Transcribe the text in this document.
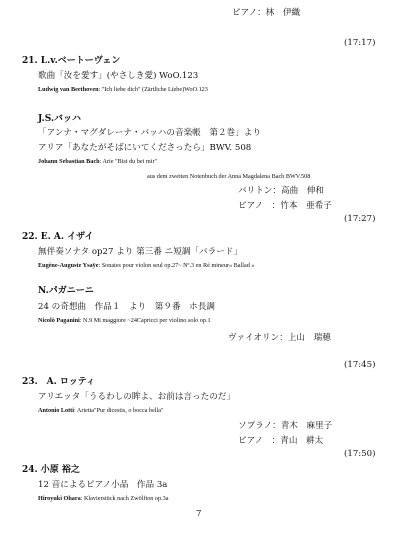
ピアノ：林　伊織
(17:17)
21. L.v.ベートーヴェン
歌曲「汝を愛す」(やさしき愛) WoO.123
Ludwig van Beethoven: "Ich liebe dich" (Zärtliche Liebe)WoO.123
J.S.バッハ
「アンナ・マグダレーナ・バッハの音楽帳　第２巻」より
アリア「あなたがそばにいてくださったら」BWV. 508
Johann Sebastian Bach: Arie "Bist du bei mir"
aus dem zweiten Notenbuch der Anna Magdalena Bach BWV.508
バリトン：高曲　伸和
ピアノ　：竹本　亜希子
(17:27)
22. E. A. イザイ
無伴奏ソナタ op27 より 第三番 ニ短調「バラード」
Eugène-Auguste Ysaÿe: Sonates pour violon seul op.27~ Nº.3 en Ré mineur« Ballad »
N.パガニーニ
24 の奇想曲　作品１　より　第９番　ホ長調
Nicolò Paganini: N.9 Mi maggiore ~24Capricci per violino solo op.1
ヴァイオリン：上山　瑞穂
(17:45)
23.　A. ロッティ
アリエッタ「うるわしの眸よ、お前は言ったのだ」
Antonio Lotti: Arietta"Pur dicestis, o bocca bella"
ソプラノ：青木　麻里子
ピアノ　：青山　耕太
(17:50)
24. 小原 裕之
12 音によるピアノ小品　作品 3a
Hiroyuki Ohara: Klavierstück nach Zwölfton op.3a
7
